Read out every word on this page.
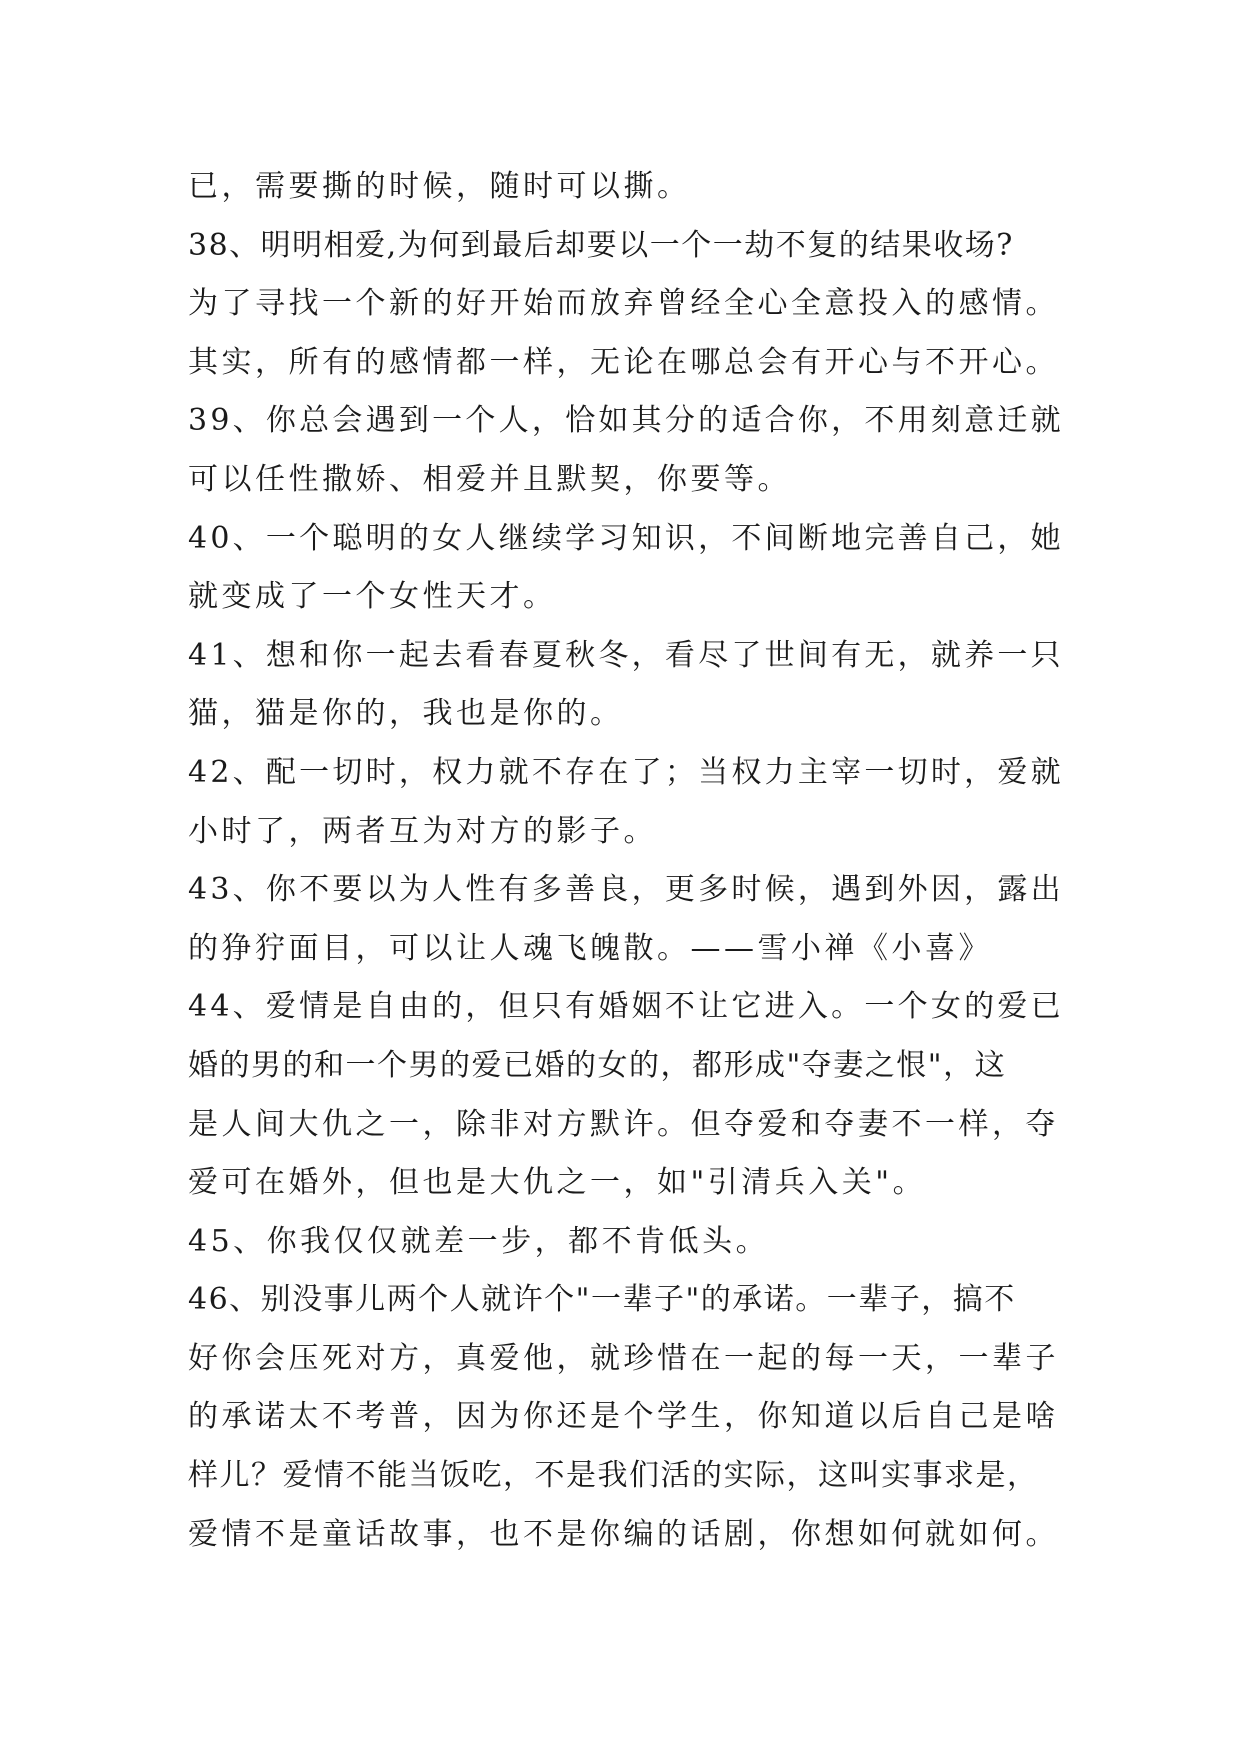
已，需要撕的时候，随时可以撕。
38、明明相爱,为何到最后却要以一个一劫不复的结果收场?
为了寻找一个新的好开始而放弃曾经全心全意投入的感情。
其实，所有的感情都一样，无论在哪总会有开心与不开心。
39、你总会遇到一个人，恰如其分的适合你，不用刻意迁就
可以任性撒娇、相爱并且默契，你要等。
40、一个聪明的女人继续学习知识，不间断地完善自己，她
就变成了一个女性天才。
41、想和你一起去看春夏秋冬，看尽了世间有无，就养一只
猫，猫是你的，我也是你的。
42、配一切时，权力就不存在了；当权力主宰一切时，爱就
小时了，两者互为对方的影子。
43、你不要以为人性有多善良，更多时候，遇到外因，露出
的狰狞面目，可以让人魂飞魄散。——雪小禅《小喜》
44、爱情是自由的，但只有婚姻不让它进入。一个女的爱已
婚的男的和一个男的爱已婚的女的，都形成"夺妻之恨"，这
是人间大仇之一，除非对方默许。但夺爱和夺妻不一样，夺
爱可在婚外，但也是大仇之一，如"引清兵入关"。
45、你我仅仅就差一步，都不肯低头。
46、别没事儿两个人就许个"一辈子"的承诺。一辈子，搞不
好你会压死对方，真爱他，就珍惜在一起的每一天，一辈子
的承诺太不考普，因为你还是个学生，你知道以后自己是啥
样儿？爱情不能当饭吃，不是我们活的实际，这叫实事求是，
爱情不是童话故事，也不是你编的话剧，你想如何就如何。
